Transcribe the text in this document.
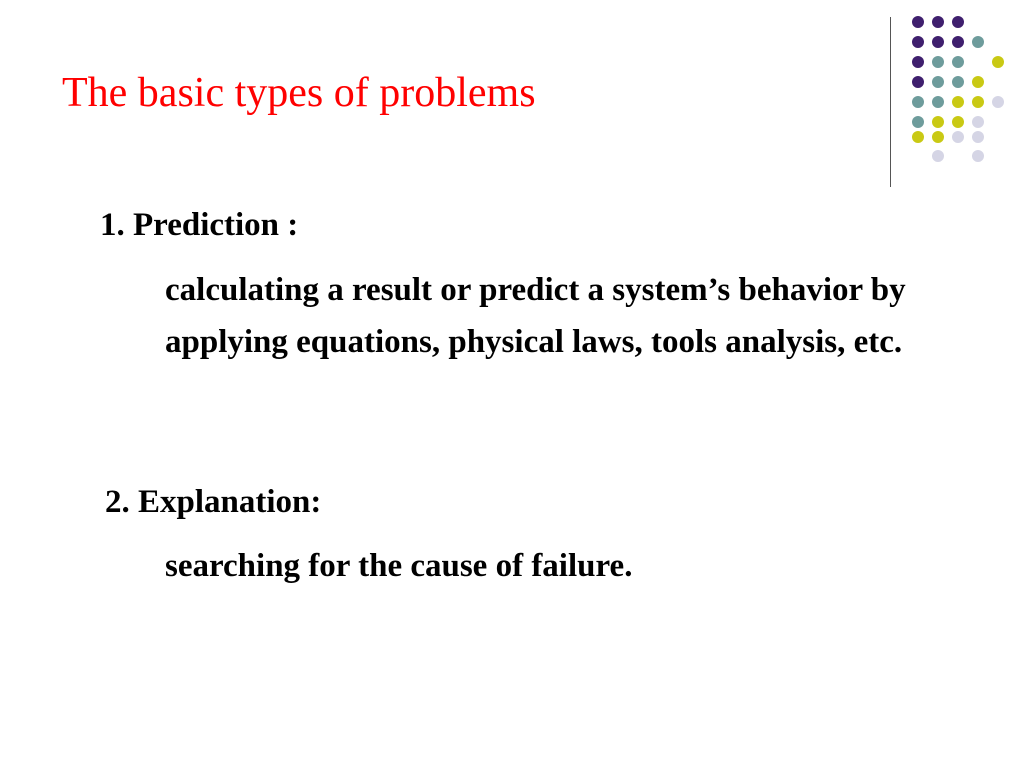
The basic types of problems
1. Prediction :
calculating a result or predict a system’s behavior by applying equations, physical laws, tools analysis, etc.
2. Explanation:
searching for the cause of failure.
